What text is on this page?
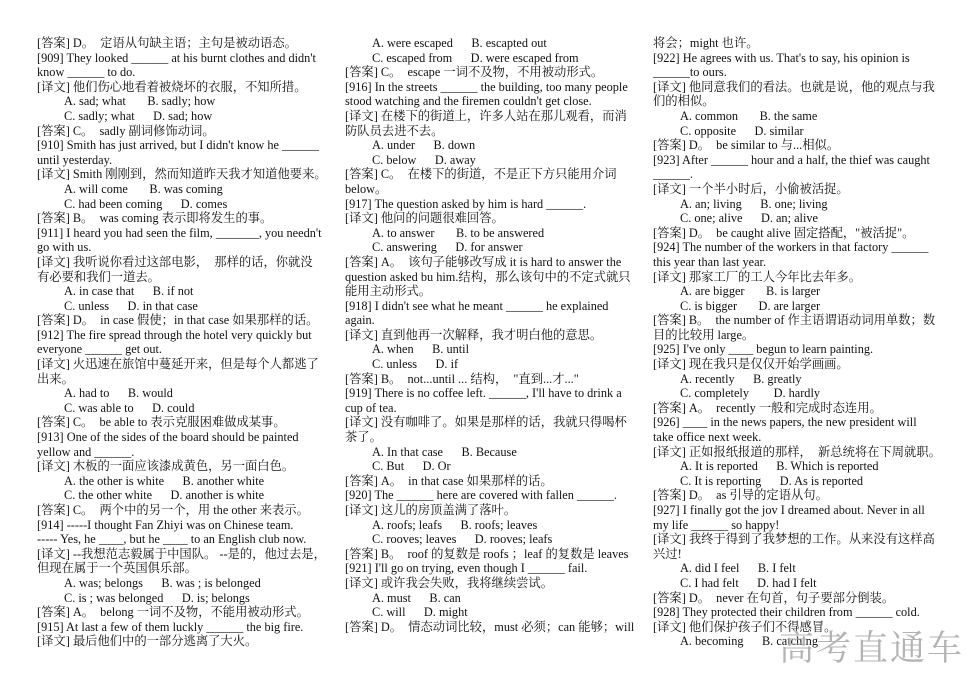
[答案] D。  定语从句缺主语；主句是被动语态。
[909] They looked ______ at his burnt clothes and didn't
know ______ to do.
[译文] 他们伤心地看着被烧坏的衣服，不知所措。
A. sad; what       B. sadly; how
C. sadly; what      D. sad; how
[答案] C。  sadly 副词修饰动词。
[910] Smith has just arrived, but I didn't know he ______
until yesterday.
[译文] Smith 刚刚到，然而知道昨天我才知道他要来。
A. will come       B. was coming
C. had been coming      D. comes
[答案] B。  was coming 表示即将发生的事。
[911] I heard you had seen the film, _______, you needn't
go with us.
[译文] 我听说你看过这部电影，  那样的话，你就没
有必要和我们一道去。
A. in case that      B. if not
C. unless      D. in that case
[答案] D。  in case 假使；in that case 如果那样的话。
[912] The fire spread through the hotel very quickly but
everyone ______ get out.
[译文] 火迅速在旅馆中蔓延开来，但是每个人都逃了
出来。
A. had to      B. would
C. was able to      D. could
[答案] C。  be able to 表示克服困难做成某事。
[913] One of the sides of the board should be painted
yellow and ______.
[译文] 木板的一面应该漆成黄色，另一面白色。
A. the other is white      B. another white
C. the other white      D. another is white
[答案] C。  两个中的另一个，用 the other 来表示。
[914] -----I thought Fan Zhiyi was on Chinese team.
----- Yes, he ____, but he ____ to an English club now.
[译文] --我想范志毅属于中国队。 --是的，他过去是，
但现在属于一个英国俱乐部。
A. was; belongs      B. was ; is belonged
C. is ; was belonged      D. is; belongs
[答案] A。  belong 一词不及物，不能用被动形式。
[915] At last a few of them luckly ______ the big fire.
[译文] 最后他们中的一部分逃离了大火。
A. were escaped      B. escapted out
C. escaped from      D. were escaped from
[答案] C。  escape 一词不及物，不用被动形式。
[916] In the streets ______ the building, too many people
stood watching and the firemen couldn't get close.
[译文] 在楼下的街道上，许多人站在那儿观看，而消
防队员去进不去。
A. under      B. down
C. below      D. away
[答案] C。  在楼下的街道，不是正下方只能用介词
below。
[917] The question asked by him is hard ______.
[译文] 他问的问题很难回答。
A. to answer       B. to be answered
C. answering      D. for answer
[答案] A。  该句子能够改写成 it is hard to answer the
question asked bu him.结构，那么该句中的不定式就只
能用主动形式。
[918] I didn't see what he meant ______ he explained
again.
[译文] 直到他再一次解释，我才明白他的意思。
A. when      B. until
C. unless      D. if
[答案] B。  not...until ... 结构，  "直到...才..."
[919] There is no coffee left. ______, I'll have to drink a
cup of tea.
[译文] 没有咖啡了。如果是那样的话，我就只得喝杯
茶了。
A. In that case      B. Because
C. But      D. Or
[答案] A。  in that case 如果那样的话。
[920] The ______ here are covered with fallen ______.
[译文] 这儿的房顶盖满了落叶。
A. roofs; leafs      B. roofs; leaves
C. rooves; leaves      D. rooves; leafs
[答案] B。  roof 的复数是 roofs ；leaf 的复数是 leaves
[921] I'll go on trying, even though I ______ fail.
[译文] 或许我会失败，我将继续尝试。
A. must      B. can
C. will      D. might
[答案] D。  情态动词比较，must 必须；can 能够；will
将会；might 也许。
[922] He agrees with us. That's to say, his opinion is
______to ours.
[译文] 他同意我们的看法。也就是说，他的观点与我
们的相似。
A. common       B. the same
C. opposite      D. similar
[答案] D。  be similar to 与...相似。
[923] After ______ hour and a half, the thief was caught
______.
[译文] 一个半小时后，小偷被活捉。
A. an; living      B. one; living
C. one; alive      D. an; alive
[答案] D。  be caught alive 固定搭配，"被活捉"。
[924] The number of the workers in that factory ______
this year than last year.
[译文] 那家工厂的工人今年比去年多。
A. are bigger       B. is larger
C. is bigger       D. are larger
[答案] B。  the number of 作主语谓语动词用单数；数
目的比较用 large。
[925] I've only ____ begun to learn painting.
[译文] 现在我只是仅仅开始学画画。
A. recently      B. greatly
C. completely        D. hardly
[答案] A。  recently 一般和完成时态连用。
[926] ____ in the news papers, the new president will
take office next week.
[译文] 正如报纸报道的那样，  新总统将在下周就职。
A. It is reported      B. Which is reported
C. It is reporting      D. As is reported
[答案] D。  as 引导的定语从句。
[927] I finally got the jov I dreamed about. Never in all
my life ______ so happy!
[译文] 我终于得到了我梦想的工作。从来没有这样高
兴过!
A. did I feel      B. I felt
C. I had felt      D. had I felt
[答案] D。  never 在句首，句子要部分倒装。
[928] They protected their children from ______ cold.
[译文] 他们保护孩子们不得感冒。
A. becoming      B. catching
高考直通车
